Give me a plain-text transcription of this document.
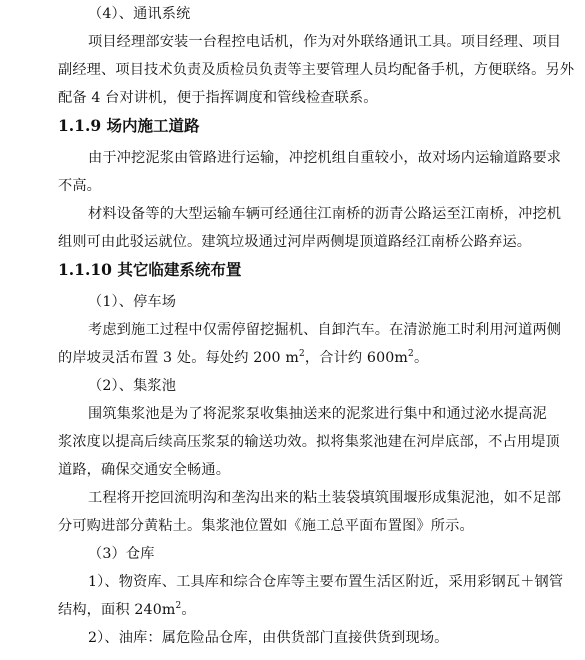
（4）、通讯系统
项目经理部安装一台程控电话机，作为对外联络通讯工具。项目经理、项目
副经理、项目技术负责及质检员负责等主要管理人员均配备手机，方便联络。另外
配备 4 台对讲机，便于指挥调度和管线检查联系。
1.1.9 场内施工道路
由于冲挖泥浆由管路进行运输，冲挖机组自重较小，故对场内运输道路要求
不高。
材料设备等的大型运输车辆可经通往江南桥的沥青公路运至江南桥，冲挖机
组则可由此驳运就位。建筑垃圾通过河岸两侧堤顶道路经江南桥公路弃运。
1.1.10 其它临建系统布置
（1）、停车场
考虑到施工过程中仅需停留挖掘机、自卸汽车。在清淤施工时利用河道两侧
的岸坡灵活布置 3 处。每处约 200 $m^2$，合计约 $600m^2$。
（2）、集浆池
围筑集浆池是为了将泥浆泵收集抽送来的泥浆进行集中和通过泌水提高泥
浆浓度以提高后续高压浆泵的输送功效。拟将集浆池建在河岸底部，不占用堤顶
道路，确保交通安全畅通。
工程将开挖回流明沟和垄沟出来的粘土装袋填筑围堰形成集泥池，如不足部
分可购进部分黄粘土。集浆池位置如《施工总平面布置图》所示。
（3）仓库
1）、物资库、工具库和综合仓库等主要布置生活区附近，采用彩钢瓦＋钢管
结构，面积 $240m^2$。
2）、油库：属危险品仓库，由供货部门直接供货到现场。
